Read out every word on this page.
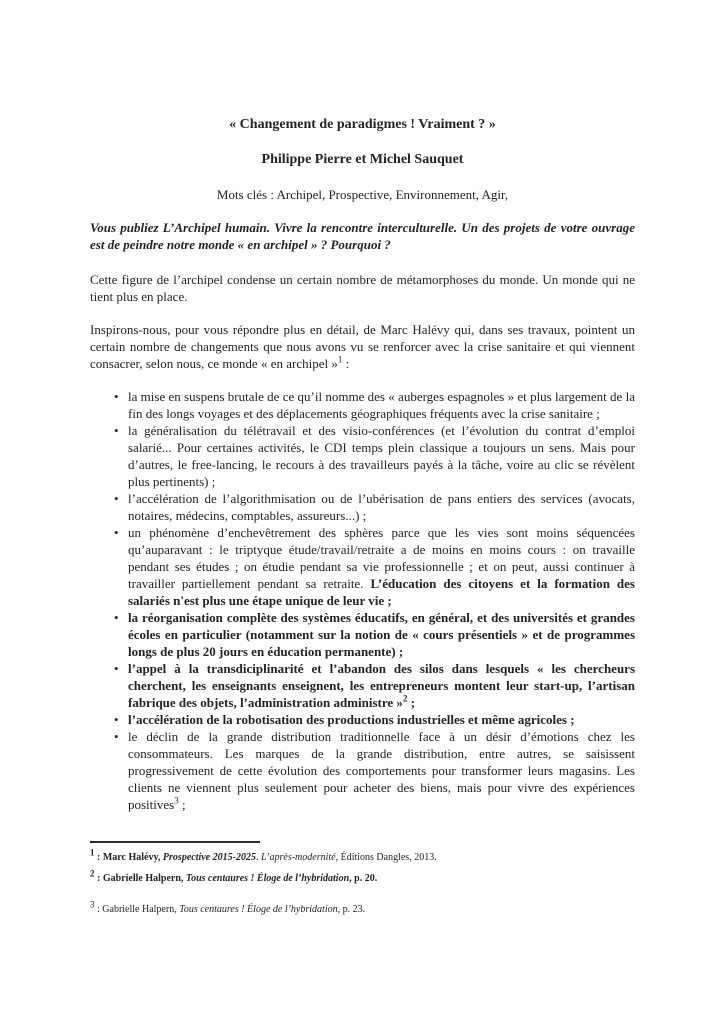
« Changement de paradigmes ! Vraiment ? »
Philippe Pierre et Michel Sauquet
Mots clés : Archipel, Prospective, Environnement, Agir,
Vous publiez L’Archipel humain. Vivre la rencontre interculturelle. Un des projets de votre ouvrage est de peindre notre monde « en archipel » ? Pourquoi ?

Cette figure de l’archipel condense un certain nombre de métamorphoses du monde. Un monde qui ne tient plus en place.

Inspirons-nous, pour vous répondre plus en détail, de Marc Halévy qui, dans ses travaux, pointent un certain nombre de changements que nous avons vu se renforcer avec la crise sanitaire et qui viennent consacrer, selon nous, ce monde « en archipel »$^1$ :

• la mise en suspens brutale de ce qu’il nomme des « auberges espagnoles » et plus largement de la fin des longs voyages et des déplacements géographiques fréquents avec la crise sanitaire ;
• la généralisation du télétravail et des visio-conférences (et l’évolution du contrat d’emploi salarié... Pour certaines activités, le CDI temps plein classique a toujours un sens. Mais pour d’autres, le free-lancing, le recours à des travailleurs payés à la tâche, voire au clic se révèlent plus pertinents) ;
• l’accélération de l’algorithmisation ou de l’ubérisation de pans entiers des services (avocats, notaires, médecins, comptables, assureurs...) ;
• un phénomène d’enchevêtrement des sphères parce que les vies sont moins séquencées qu’auparavant : le triptyque étude/travail/retraite a de moins en moins cours : on travaille pendant ses études ; on étudie pendant sa vie professionnelle ; et on peut, aussi continuer à travailler partiellement pendant sa retraite. L’éducation des citoyens et la formation des salariés n'est plus une étape unique de leur vie ;
• la réorganisation complète des systèmes éducatifs, en général, et des universités et grandes écoles en particulier (notamment sur la notion de « cours présentiels » et de programmes longs de plus 20 jours en éducation permanente) ;
• l’appel à la transdiciplinarité et l’abandon des silos dans lesquels « les chercheurs cherchent, les enseignants enseignent, les entrepreneurs montent leur start-up, l’artisan fabrique des objets, l’administration administre »$^2$ ;
• l’accélération de la robotisation des productions industrielles et même agricoles ;
• le déclin de la grande distribution traditionnelle face à un désir d’émotions chez les consommateurs. Les marques de la grande distribution, entre autres, se saisissent progressivement de cette évolution des comportements pour transformer leurs magasins. Les clients ne viennent plus seulement pour acheter des biens, mais pour vivre des expériences positives$^3$ ;
$^1$ : Marc Halévy, Prospective 2015-2025. L’après-modernité, Éditions Dangles, 2013.
$^2$ : Gabrielle Halpern, Tous centaures ! Éloge de l’hybridation, p. 20.
$^3$ : Gabrielle Halpern, Tous centaures ! Éloge de l’hybridation, p. 23.
